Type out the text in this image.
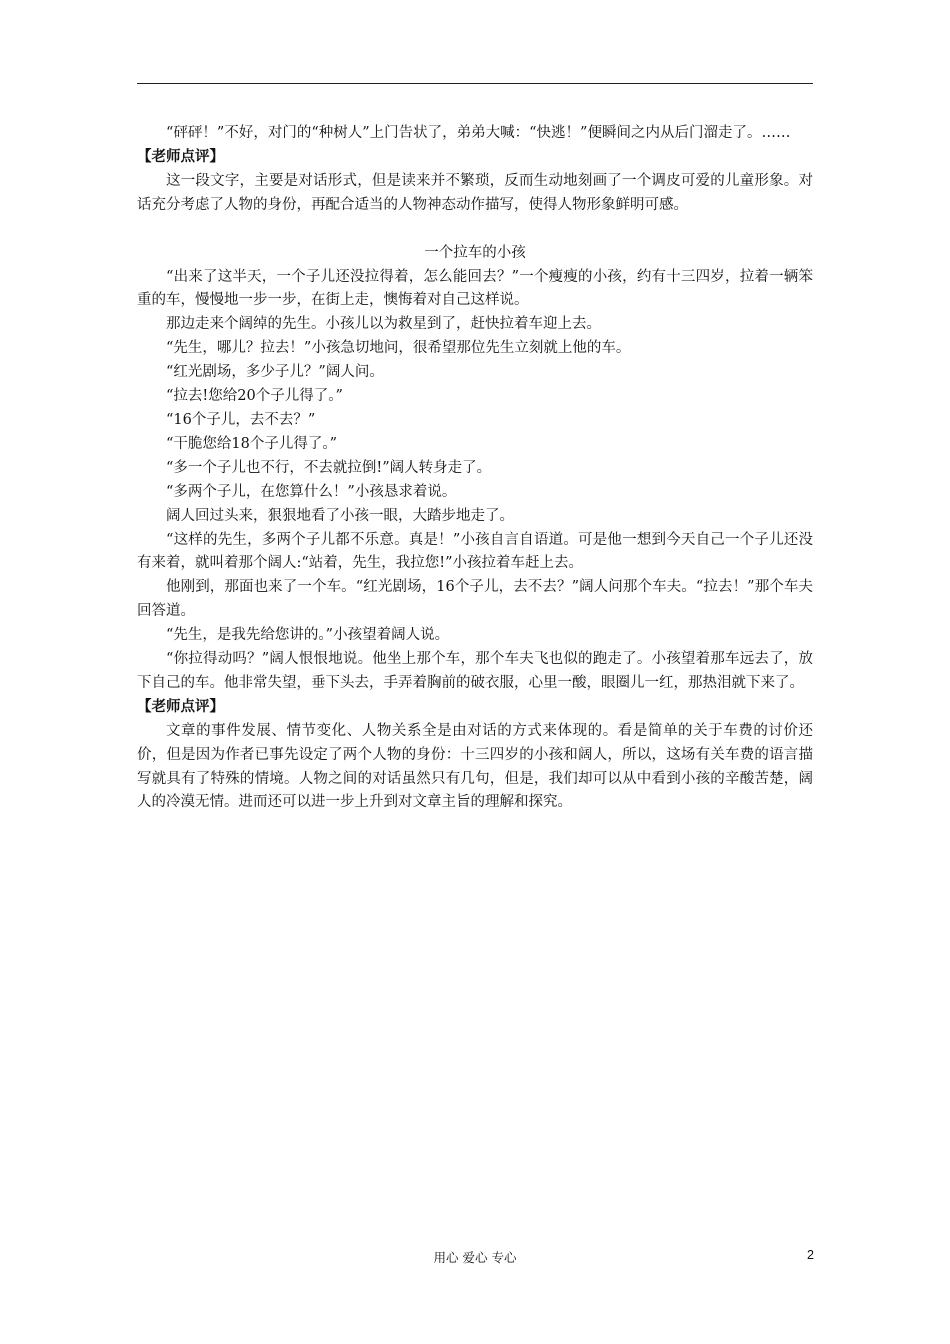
“砰砰！”不好，对门的“种树人”上门告状了，弟弟大喊：“快逃！”便瞬间之内从后门溜走了。……

【老师点评】

这一段文字，主要是对话形式，但是读来并不繁琐，反而生动地刻画了一个调皮可爱的儿童形象。对话充分考虑了人物的身份，再配合适当的人物神态动作描写，使得人物形象鲜明可感。

一个拉车的小孩

“出来了这半天，一个子儿还没拉得着，怎么能回去？”一个瘦瘦的小孩，约有十三四岁，拉着一辆笨重的车，慢慢地一步一步，在街上走，懊悔着对自己这样说。

那边走来个阔绰的先生。小孩儿以为救星到了，赶快拉着车迎上去。

“先生，哪儿？拉去！”小孩急切地问，很希望那位先生立刻就上他的车。

“红光剧场，多少子儿？”阔人问。

“拉去!您给20个子儿得了。”

“16个子儿，去不去？”

“干脆您给18个子儿得了。”

“多一个子儿也不行，不去就拉倒!”阔人转身走了。

“多两个子儿，在您算什么！”小孩恳求着说。

阔人回过头来，狠狠地看了小孩一眼，大踏步地走了。

“这样的先生，多两个子儿都不乐意。真是！”小孩自言自语道。可是他一想到今天自己一个子儿还没有来着，就叫着那个阔人:“站着，先生，我拉您!”小孩拉着车赶上去。

他刚到，那面也来了一个车。“红光剧场，16个子儿，去不去？”阔人问那个车夫。“拉去！”那个车夫回答道。

“先生，是我先给您讲的。”小孩望着阔人说。

“你拉得动吗？”阔人恨恨地说。他坐上那个车，那个车夫飞也似的跑走了。小孩望着那车远去了，放下自己的车。他非常失望，垂下头去，手弄着胸前的破衣服，心里一酸，眼圈儿一红，那热泪就下来了。

【老师点评】

文章的事件发展、情节变化、人物关系全是由对话的方式来体现的。看是简单的关于车费的讨价还价，但是因为作者已事先设定了两个人物的身份：十三四岁的小孩和阔人，所以，这场有关车费的语言描写就具有了特殊的情境。人物之间的对话虽然只有几句，但是，我们却可以从中看到小孩的辛酸苦楚，阔人的冷漠无情。进而还可以进一步上升到对文章主旨的理解和探究。

用心 爱心 专心	2
